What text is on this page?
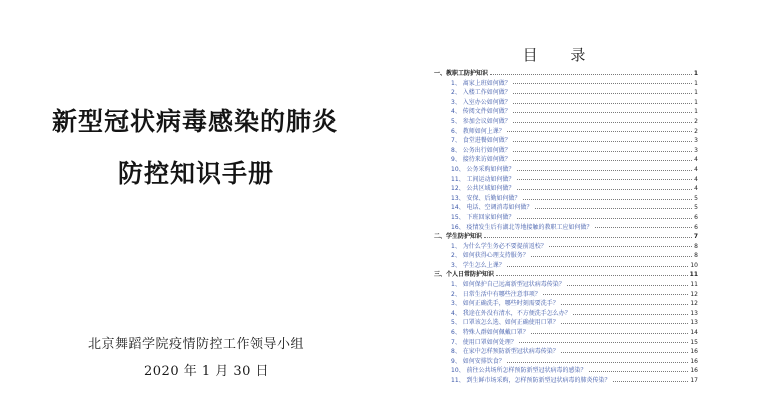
新型冠状病毒感染的肺炎
防控知识手册
北京舞蹈学院疫情防控工作领导小组
2020 年 1 月 30 日
目 录
一、教职工防护知识	1
1、 离家上班如何做？	1
2、 入楼工作如何做？	1
3、 入室办公如何做？	1
4、 传阅文件如何做？	1
5、 参加会议如何做？	2
6、 教师如何上课？	2
7、 食堂进餐如何做？	3
8、 公务出行如何做？	3
9、 接待来访如何做？	4
10、 公务采购如何做？	4
11、 工间运动如何做？	4
12、 公共区域如何做？	4
13、 安保、后勤如何做？	5
14、 电话、空调消毒如何做？	5
15、 下班回家如何做？	6
16、 疫情发生后有湖北等地接触的教职工应如何做？	6
二、学生防护知识	7
1、 为什么学生务必不要提前返校？	8
2、 如何获得心理支持服务？	8
3、 学生怎么上课？	10
三、个人日常防护知识	11
1、 如何保护自己远离新型冠状病毒传染？	11
2、 日常生活中有哪些注意事项？	12
3、 如何正确洗手，哪些时刻需要洗手？	12
4、 我途在外没有清水，不方便洗手怎么办？	13
5、 口罩该怎么选、如何正确使用口罩？	13
6、 特殊人群如何佩戴口罩？	14
7、 使用口罩如何处理？	15
8、 在家中怎样预防新型冠状病毒传染？	16
9、 如何安排饮食？	16
10、 前往公共场所怎样预防新型冠状病毒的感染？	16
11、 到生鲜市场采购，怎样预防新型冠状病毒的肺炎传染？	17
